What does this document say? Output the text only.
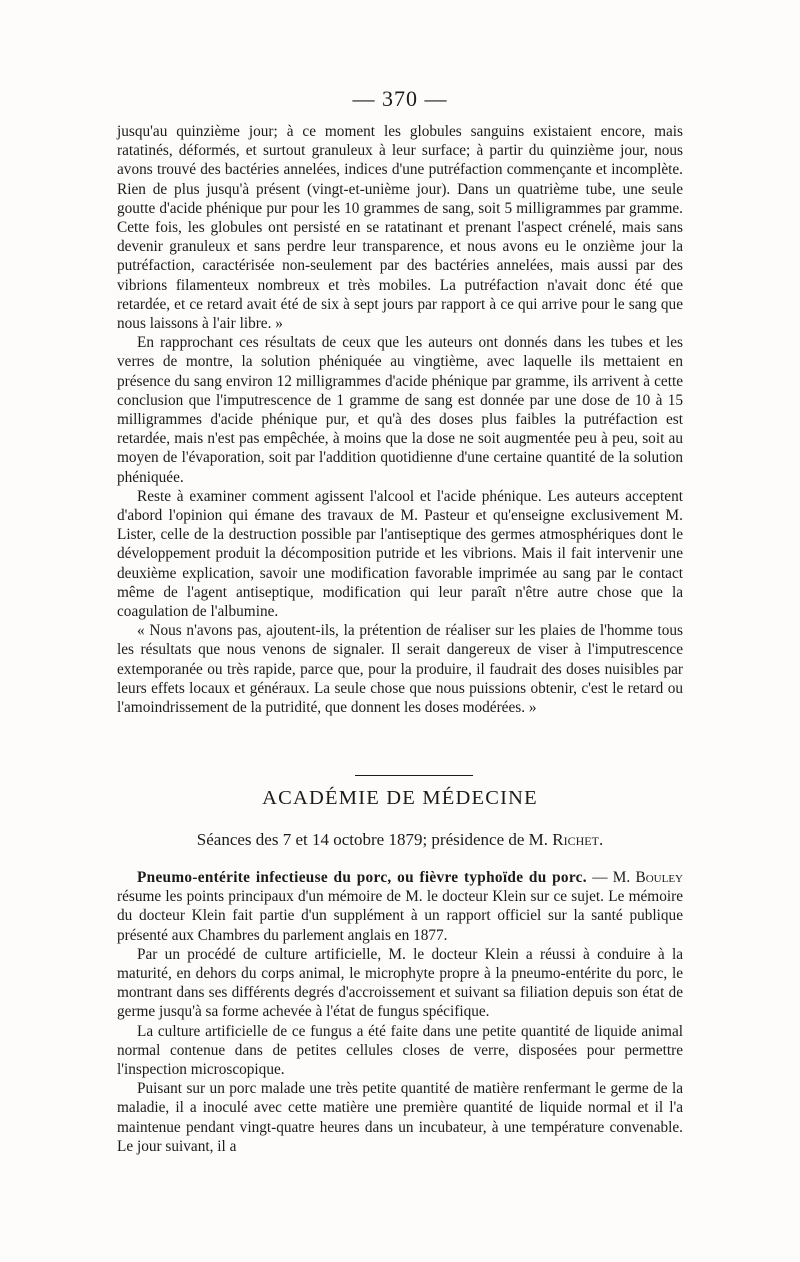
— 370 —

jusqu'au quinzième jour; à ce moment les globules sanguins existaient encore, mais ratatinés, déformés, et surtout granuleux à leur surface; à partir du quinzième jour, nous avons trouvé des bactéries annelées, indices d'une putréfaction commençante et incomplète. Rien de plus jusqu'à présent (vingt-et-unième jour). Dans un quatrième tube, une seule goutte d'acide phénique pur pour les 10 grammes de sang, soit 5 milligrammes par gramme. Cette fois, les globules ont persisté en se ratatinant et prenant l'aspect crénelé, mais sans devenir granuleux et sans perdre leur transparence, et nous avons eu le onzième jour la putréfaction, caractérisée non-seulement par des bactéries annelées, mais aussi par des vibrions filamenteux nombreux et très mobiles. La putréfaction n'avait donc été que retardée, et ce retard avait été de six à sept jours par rapport à ce qui arrive pour le sang que nous laissons à l'air libre. »

En rapprochant ces résultats de ceux que les auteurs ont donnés dans les tubes et les verres de montre, la solution phéniquée au vingtième, avec laquelle ils mettaient en présence du sang environ 12 milligrammes d'acide phénique par gramme, ils arrivent à cette conclusion que l'imputrescence de 1 gramme de sang est donnée par une dose de 10 à 15 milligrammes d'acide phénique pur, et qu'à des doses plus faibles la putréfaction est retardée, mais n'est pas empêchée, à moins que la dose ne soit augmentée peu à peu, soit au moyen de l'évaporation, soit par l'addition quotidienne d'une certaine quantité de la solution phéniquée.

Reste à examiner comment agissent l'alcool et l'acide phénique. Les auteurs acceptent d'abord l'opinion qui émane des travaux de M. Pasteur et qu'enseigne exclusivement M. Lister, celle de la destruction possible par l'antiseptique des germes atmosphériques dont le développement produit la décomposition putride et les vibrions. Mais il fait intervenir une deuxième explication, savoir une modification favorable imprimée au sang par le contact même de l'agent antiseptique, modification qui leur paraît n'être autre chose que la coagulation de l'albumine.

« Nous n'avons pas, ajoutent-ils, la prétention de réaliser sur les plaies de l'homme tous les résultats que nous venons de signaler. Il serait dangereux de viser à l'imputrescence extemporanée ou très rapide, parce que, pour la produire, il faudrait des doses nuisibles par leurs effets locaux et généraux. La seule chose que nous puissions obtenir, c'est le retard ou l'amoindrissement de la putridité, que donnent les doses modérées. »

ACADÉMIE DE MÉDECINE
Séances des 7 et 14 octobre 1879; présidence de M. Richet.

Pneumo-entérite infectieuse du porc, ou fièvre typhoïde du porc. — M. Bouley résume les points principaux d'un mémoire de M. le docteur Klein sur ce sujet. Le mémoire du docteur Klein fait partie d'un supplément à un rapport officiel sur la santé publique présenté aux Chambres du parlement anglais en 1877.

Par un procédé de culture artificielle, M. le docteur Klein a réussi à conduire à la maturité, en dehors du corps animal, le microphyte propre à la pneumo-entérite du porc, le montrant dans ses différents degrés d'accroissement et suivant sa filiation depuis son état de germe jusqu'à sa forme achevée à l'état de fungus spécifique.

La culture artificielle de ce fungus a été faite dans une petite quantité de liquide animal normal contenue dans de petites cellules closes de verre, disposées pour permettre l'inspection microscopique.

Puisant sur un porc malade une très petite quantité de matière renfermant le germe de la maladie, il a inoculé avec cette matière une première quantité de liquide normal et il l'a maintenue pendant vingt-quatre heures dans un incubateur, à une température convenable. Le jour suivant, il a
